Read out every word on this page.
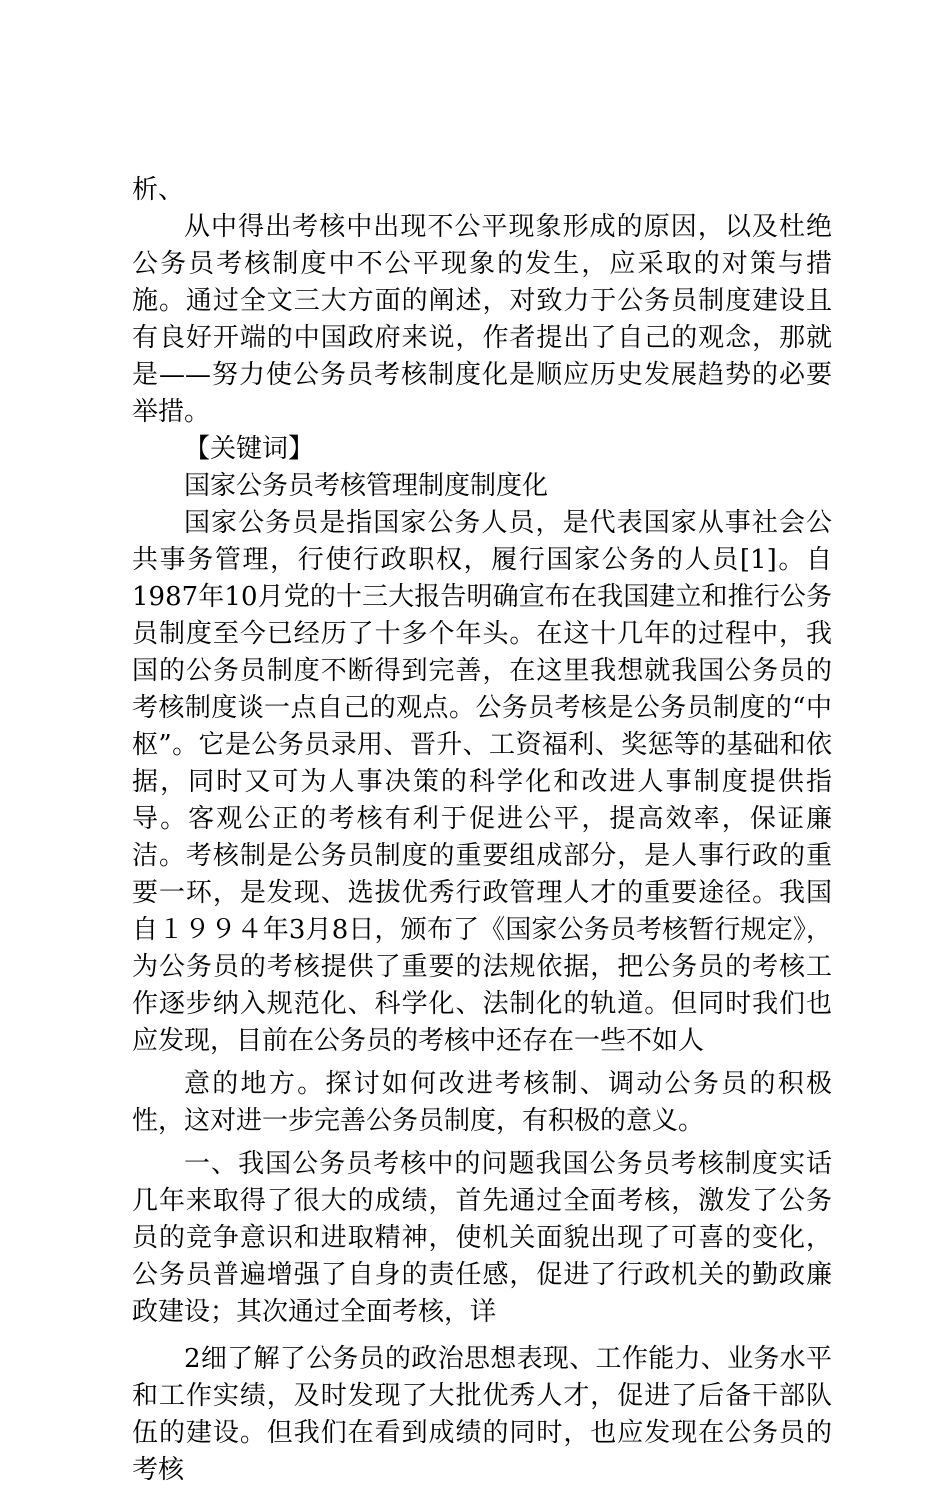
析、

从中得出考核中出现不公平现象形成的原因，以及杜绝公务员考核制度中不公平现象的发生，应采取的对策与措施。通过全文三大方面的阐述，对致力于公务员制度建设且有良好开端的中国政府来说，作者提出了自己的观念，那就是——努力使公务员考核制度化是顺应历史发展趋势的必要举措。

【关键词】

国家公务员考核管理制度制度化

国家公务员是指国家公务人员，是代表国家从事社会公共事务管理，行使行政职权，履行国家公务的人员[1]。自1987年10月党的十三大报告明确宣布在我国建立和推行公务员制度至今已经历了十多个年头。在这十几年的过程中，我国的公务员制度不断得到完善，在这里我想就我国公务员的考核制度谈一点自己的观点。公务员考核是公务员制度的“中枢”。它是公务员录用、晋升、工资福利、奖惩等的基础和依据，同时又可为人事决策的科学化和改进人事制度提供指导。客观公正的考核有利于促进公平，提高效率，保证廉洁。考核制是公务员制度的重要组成部分，是人事行政的重要一环，是发现、选拔优秀行政管理人才的重要途径。我国自１９９４年3月8日，颁布了《国家公务员考核暂行规定》，为公务员的考核提供了重要的法规依据，把公务员的考核工作逐步纳入规范化、科学化、法制化的轨道。但同时我们也应发现，目前在公务员的考核中还存在一些不如人

意的地方。探讨如何改进考核制、调动公务员的积极性，这对进一步完善公务员制度，有积极的意义。

一、我国公务员考核中的问题我国公务员考核制度实话几年来取得了很大的成绩，首先通过全面考核，激发了公务员的竞争意识和进取精神，使机关面貌出现了可喜的变化，公务员普遍增强了自身的责任感，促进了行政机关的勤政廉政建设；其次通过全面考核，详

2细了解了公务员的政治思想表现、工作能力、业务水平和工作实绩，及时发现了大批优秀人才，促进了后备干部队伍的建设。但我们在看到成绩的同时，也应发现在公务员的考核
